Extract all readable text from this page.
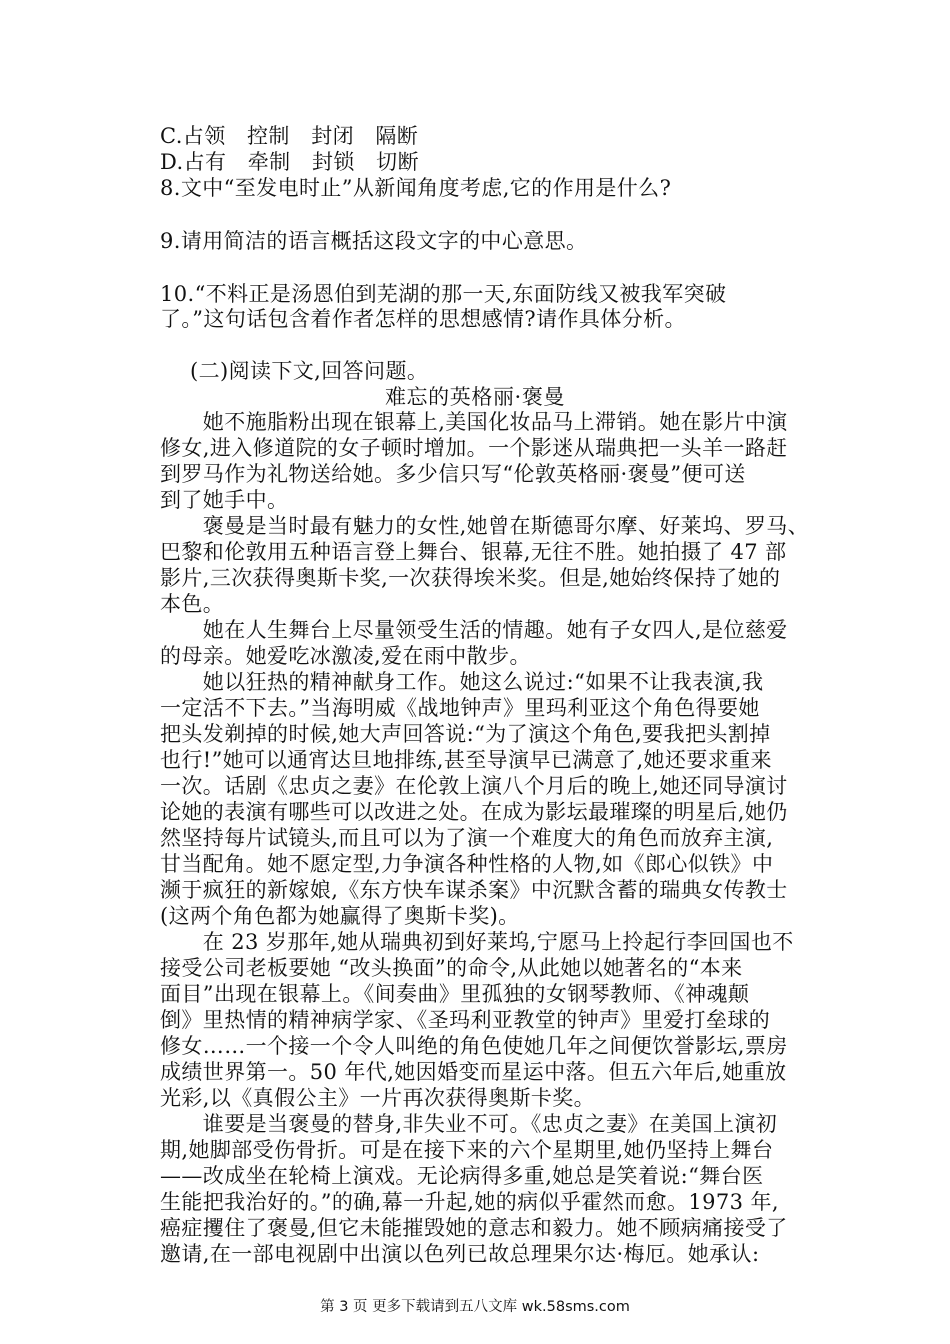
C.占领　控制　封闭　隔断
D.占有　牵制　封锁　切断
8.文中“至发电时止”从新闻角度考虑,它的作用是什么?
9.请用简洁的语言概括这段文字的中心意思。
10.“不料正是汤恩伯到芜湖的那一天,东面防线又被我军突破
了。”这句话包含着作者怎样的思想感情?请作具体分析。
(二)阅读下文,回答问题。
难忘的英格丽·褒曼
　　她不施脂粉出现在银幕上,美国化妆品马上滞销。她在影片中演
修女,进入修道院的女子顿时增加。一个影迷从瑞典把一头羊一路赶
到罗马作为礼物送给她。多少信只写“伦敦英格丽·褒曼”便可送
到了她手中。
　　褒曼是当时最有魅力的女性,她曾在斯德哥尔摩、好莱坞、罗马、
巴黎和伦敦用五种语言登上舞台、银幕,无往不胜。她拍摄了 47 部
影片,三次获得奥斯卡奖,一次获得埃米奖。但是,她始终保持了她的
本色。
　　她在人生舞台上尽量领受生活的情趣。她有子女四人,是位慈爱
的母亲。她爱吃冰激凌,爱在雨中散步。
　　她以狂热的精神献身工作。她这么说过:“如果不让我表演,我
一定活不下去。”当海明威《战地钟声》里玛利亚这个角色得要她
把头发剃掉的时候,她大声回答说:“为了演这个角色,要我把头割掉
也行!”她可以通宵达旦地排练,甚至导演早已满意了,她还要求重来
一次。话剧《忠贞之妻》在伦敦上演八个月后的晚上,她还同导演讨
论她的表演有哪些可以改进之处。在成为影坛最璀璨的明星后,她仍
然坚持每片试镜头,而且可以为了演一个难度大的角色而放弃主演,
甘当配角。她不愿定型,力争演各种性格的人物,如《郎心似铁》中
濒于疯狂的新嫁娘,《东方快车谋杀案》中沉默含蓄的瑞典女传教士
(这两个角色都为她赢得了奥斯卡奖)。
　　在 23 岁那年,她从瑞典初到好莱坞,宁愿马上拎起行李回国也不
接受公司老板要她 “改头换面”的命令,从此她以她著名的“本来
面目”出现在银幕上。《间奏曲》里孤独的女钢琴教师、《神魂颠
倒》里热情的精神病学家、《圣玛利亚教堂的钟声》里爱打垒球的
修女……一个接一个令人叫绝的角色使她几年之间便饮誉影坛,票房
成绩世界第一。50 年代,她因婚变而星运中落。但五六年后,她重放
光彩,以《真假公主》一片再次获得奥斯卡奖。
　　谁要是当褒曼的替身,非失业不可。《忠贞之妻》在美国上演初
期,她脚部受伤骨折。可是在接下来的六个星期里,她仍坚持上舞台
——改成坐在轮椅上演戏。无论病得多重,她总是笑着说:“舞台医
生能把我治好的。”的确,幕一升起,她的病似乎霍然而愈。1973 年,
癌症攫住了褒曼,但它未能摧毁她的意志和毅力。她不顾病痛接受了
邀请,在一部电视剧中出演以色列已故总理果尔达·梅厄。她承认:
第 3 页 更多下载请到五八文库 wk.58sms.com
